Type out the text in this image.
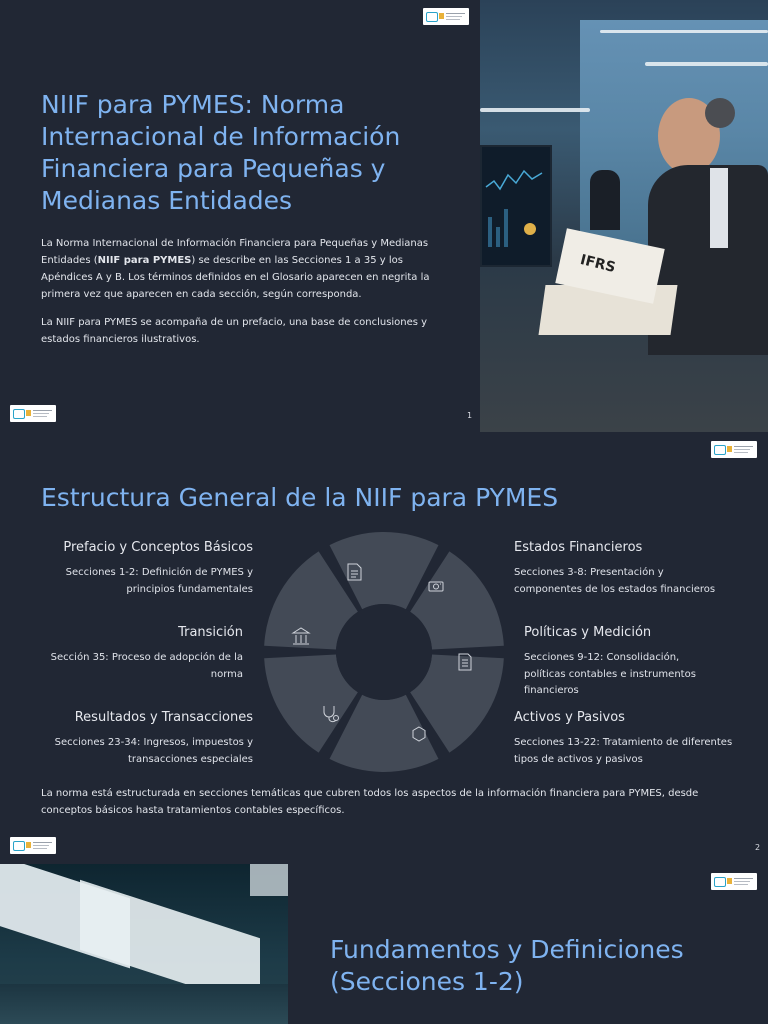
NIIF para PYMES: Norma Internacional de Información Financiera para Pequeñas y Medianas Entidades

La Norma Internacional de Información Financiera para Pequeñas y Medianas Entidades (NIIF para PYMES) se describe en las Secciones 1 a 35 y los Apéndices A y B. Los términos definidos en el Glosario aparecen en negrita la primera vez que aparecen en cada sección, según corresponda.

La NIIF para PYMES se acompaña de un prefacio, una base de conclusiones y estados financieros ilustrativos.

1
IFRS
Estructura General de la NIIF para PYMES
Prefacio y Conceptos Básicos
Secciones 1-2: Definición de PYMES y principios fundamentales
Transición
Sección 35: Proceso de adopción de la norma
Resultados y Transacciones
Secciones 23-34: Ingresos, impuestos y transacciones especiales
Estados Financieros
Secciones 3-8: Presentación y componentes de los estados financieros
Políticas y Medición
Secciones 9-12: Consolidación, políticas contables e instrumentos financieros
Activos y Pasivos
Secciones 13-22: Tratamiento de diferentes tipos de activos y pasivos

La norma está estructurada en secciones temáticas que cubren todos los aspectos de la información financiera para PYMES, desde conceptos básicos hasta tratamientos contables específicos.

2
Fundamentos y Definiciones (Secciones 1-2)
